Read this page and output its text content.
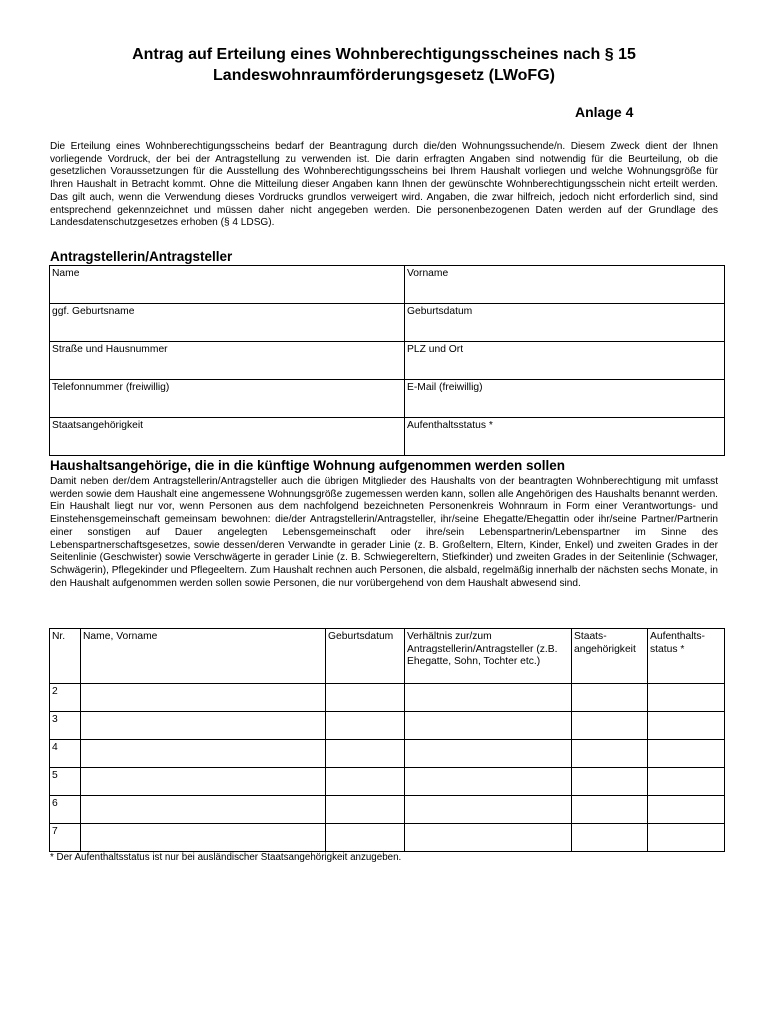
Antrag auf Erteilung eines Wohnberechtigungsscheines nach § 15
Landeswohnraumförderungsgesetz (LWoFG)
Anlage 4
Die Erteilung eines Wohnberechtigungsscheins bedarf der Beantragung durch die/den Wohnungssuchende/n. Diesem Zweck dient der Ihnen vorliegende Vordruck, der bei der Antragstellung zu verwenden ist. Die darin erfragten Angaben sind notwendig für die Beurteilung, ob die gesetzlichen Voraussetzungen für die Ausstellung des Wohnberechtigungsscheins bei Ihrem Haushalt vorliegen und welche Wohnungsgröße für Ihren Haushalt in Betracht kommt. Ohne die Mitteilung dieser Angaben kann Ihnen der gewünschte Wohnberechtigungsschein nicht erteilt werden. Das gilt auch, wenn die Verwendung dieses Vordrucks grundlos verweigert wird. Angaben, die zwar hilfreich, jedoch nicht erforderlich sind, sind entsprechend gekennzeichnet und müssen daher nicht angegeben werden. Die personenbezogenen Daten werden auf der Grundlage des Landesdatenschutzgesetzes erhoben (§ 4 LDSG).
Antragstellerin/Antragsteller
Name	Vorname
ggf. Geburtsname	Geburtsdatum
Straße und Hausnummer	PLZ und Ort
Telefonnummer (freiwillig)	E-Mail (freiwillig)
Staatsangehörigkeit	Aufenthaltsstatus *
Haushaltsangehörige, die in die künftige Wohnung aufgenommen werden sollen
Damit neben der/dem Antragstellerin/Antragsteller auch die übrigen Mitglieder des Haushalts von der beantragten Wohnberechtigung mit umfasst werden sowie dem Haushalt eine angemessene Wohnungsgröße zugemessen werden kann, sollen alle Angehörigen des Haushalts benannt werden. Ein Haushalt liegt nur vor, wenn Personen aus dem nachfolgend bezeichneten Personenkreis Wohnraum in Form einer Verantwortungs- und Einstehensgemeinschaft gemeinsam bewohnen: die/der Antragstellerin/Antragsteller, ihr/seine Ehegatte/Ehegattin oder ihr/seine Partner/Partnerin einer sonstigen auf Dauer angelegten Lebensgemeinschaft oder ihre/sein Lebenspartnerin/Lebenspartner im Sinne des Lebenspartnerschaftsgesetzes, sowie dessen/deren Verwandte in gerader Linie (z. B. Großeltern, Eltern, Kinder, Enkel) und zweiten Grades in der Seitenlinie (Geschwister) sowie Verschwägerte in gerader Linie (z. B. Schwiegereltern, Stiefkinder) und zweiten Grades in der Seitenlinie (Schwager, Schwägerin), Pflegekinder und Pflegeeltern. Zum Haushalt rechnen auch Personen, die alsbald, regelmäßig innerhalb der nächsten sechs Monate, in den Haushalt aufgenommen werden sollen sowie Personen, die nur vorübergehend von dem Haushalt abwesend sind.
Nr.	Name, Vorname	Geburtsdatum	Verhältnis zur/zum Antragstellerin/Antragsteller (z.B. Ehegatte, Sohn, Tochter etc.)	Staats-angehörigkeit	Aufenthalts-status *
2					
3					
4					
5					
6					
7					
* Der Aufenthaltsstatus ist nur bei ausländischer Staatsangehörigkeit anzugeben.
